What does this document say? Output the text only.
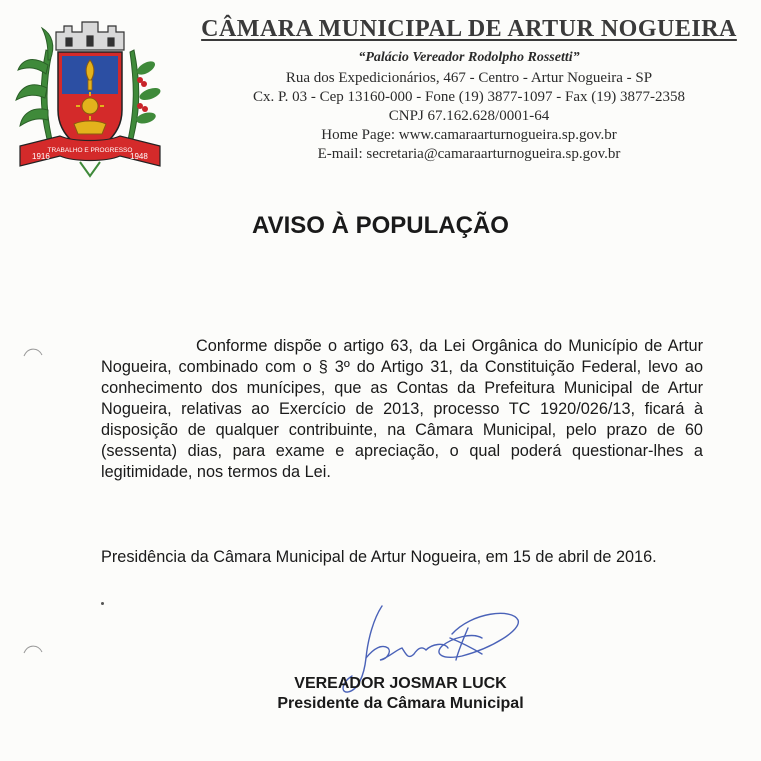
1916
TRABALHO E PROGRESSO
1948
CÂMARA MUNICIPAL DE ARTUR NOGUEIRA
“Palácio Vereador Rodolpho Rossetti”
Rua dos Expedicionários, 467 - Centro - Artur Nogueira - SP
Cx. P. 03 - Cep 13160-000 - Fone (19) 3877-1097 - Fax (19) 3877-2358
CNPJ 67.162.628/0001-64
Home Page: www.camaraarturnogueira.sp.gov.br
E-mail: secretaria@camaraarturnogueira.sp.gov.br
AVISO À POPULAÇÃO
Conforme dispõe o artigo 63, da Lei Orgânica do Município de Artur Nogueira, combinado com o § 3º do Artigo 31, da Constituição Federal, levo ao conhecimento dos munícipes, que as Contas da Prefeitura Municipal de Artur Nogueira, relativas ao Exercício de 2013, processo TC 1920/026/13, ficará à disposição de qualquer contribuinte, na Câmara Municipal, pelo prazo de 60 (sessenta) dias, para exame e apreciação, o qual poderá questionar-lhes a legitimidade, nos termos da Lei.
Presidência da Câmara Municipal de Artur Nogueira, em 15 de abril de 2016.
VEREADOR JOSMAR LUCK
Presidente da Câmara Municipal
